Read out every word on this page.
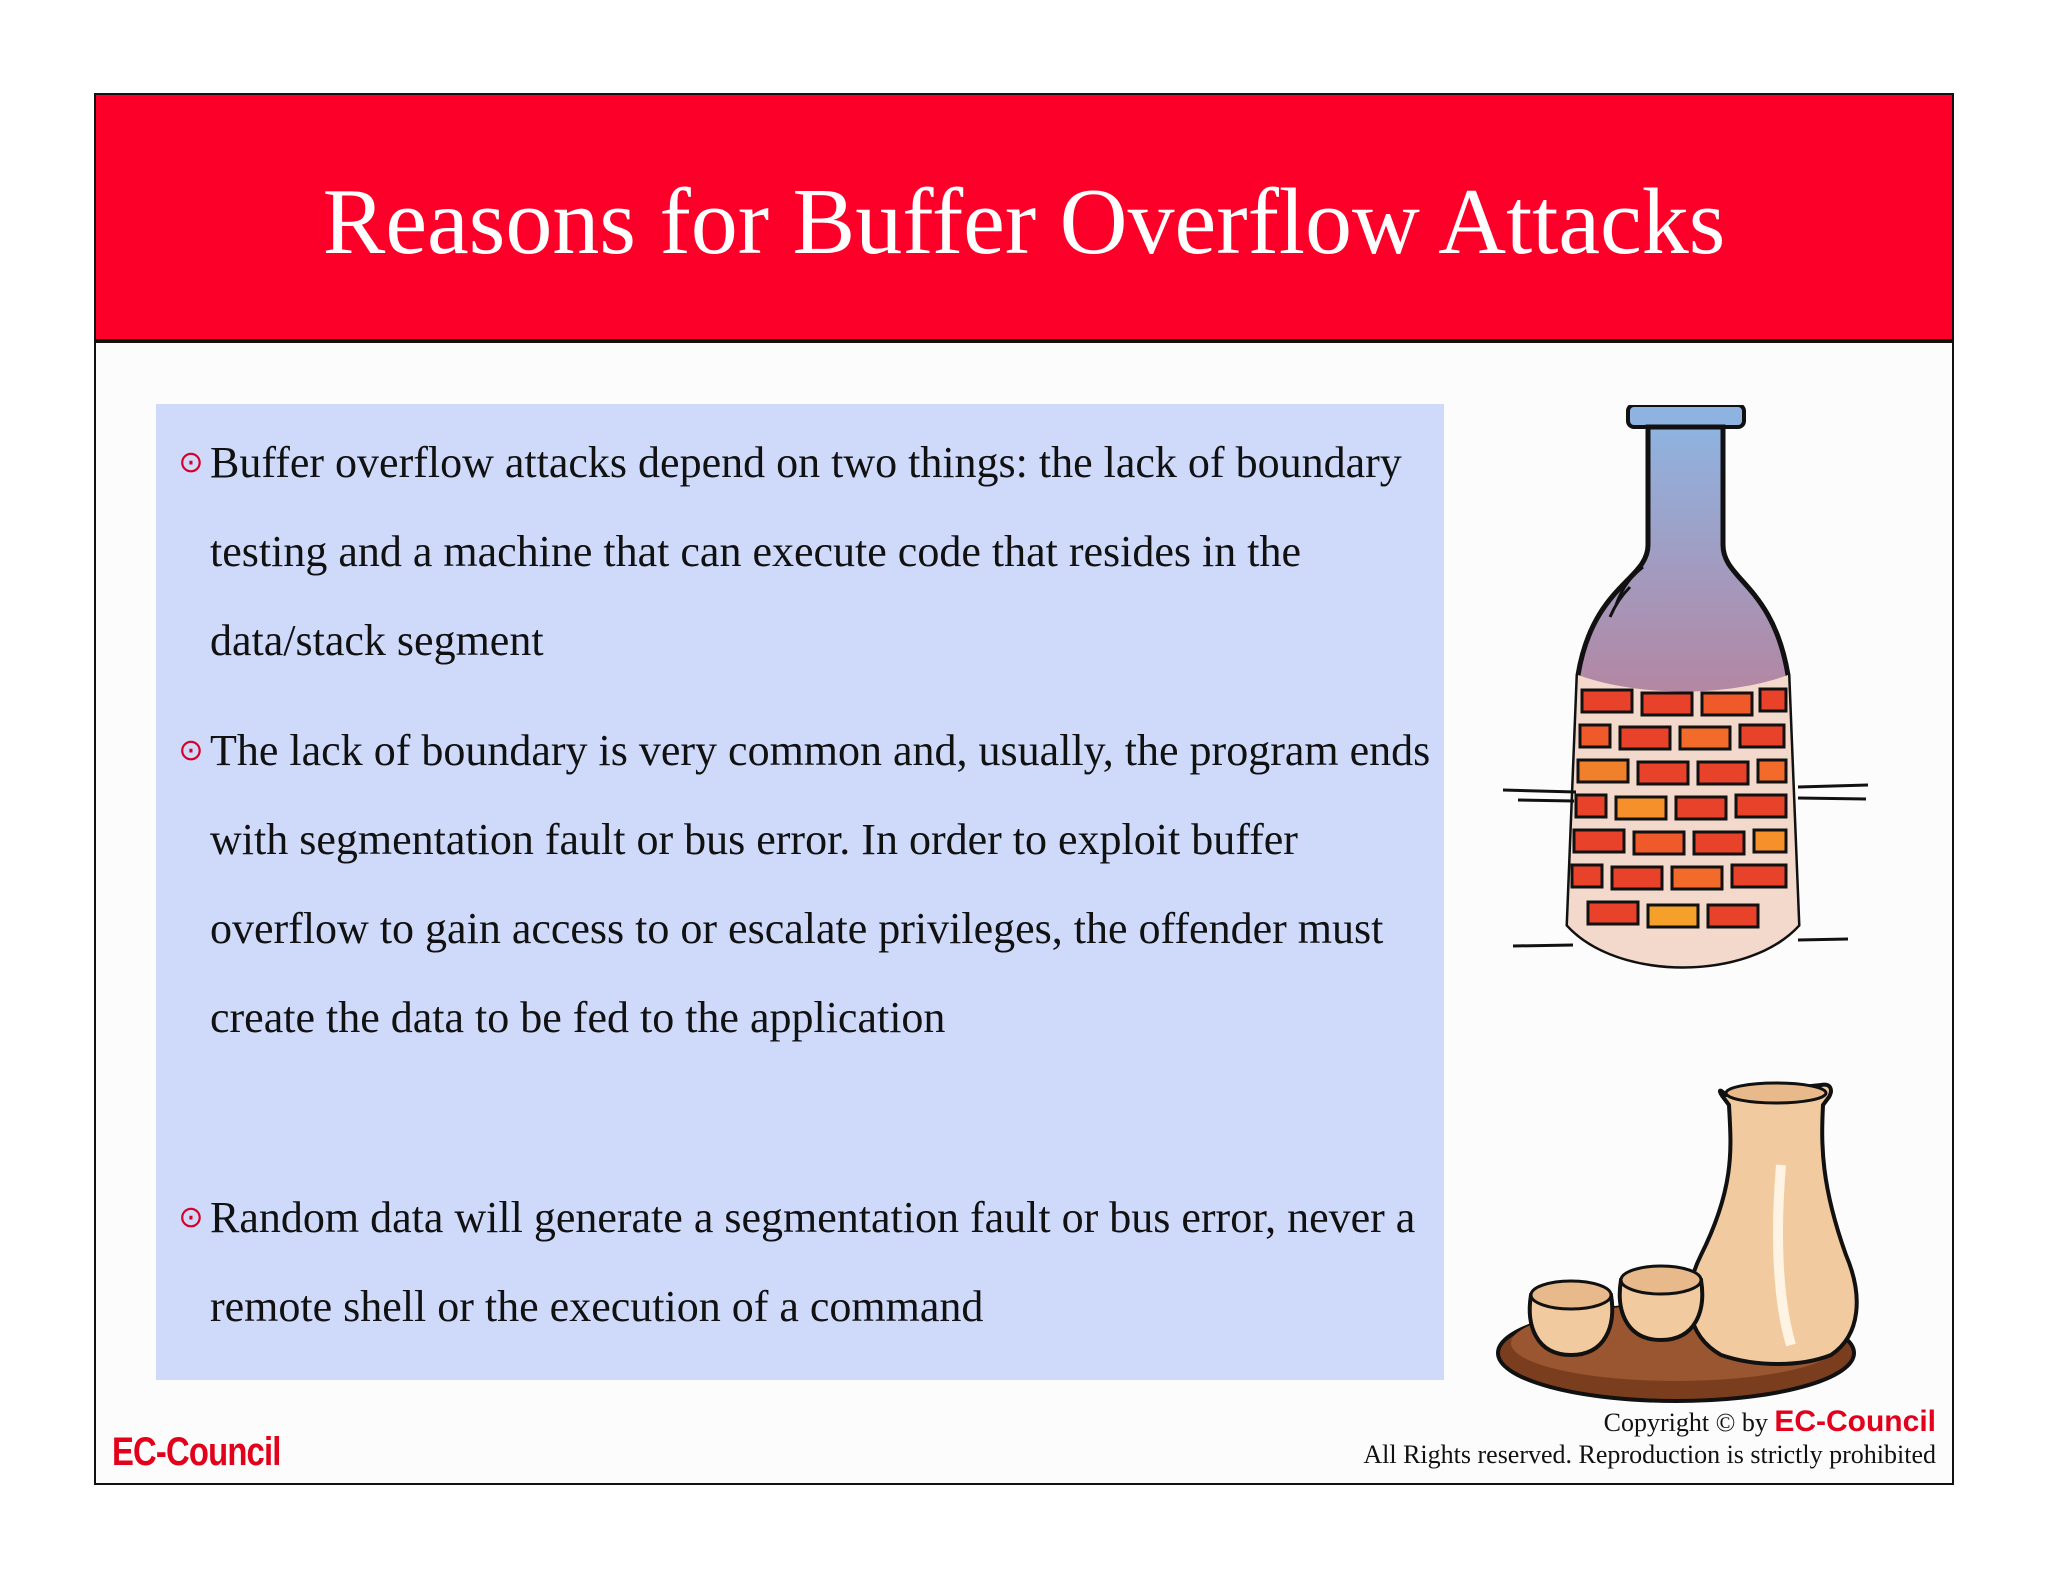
Reasons for Buffer Overflow Attacks
⊙ Buffer overflow attacks depend on two things: the lack of boundary testing and a machine that can execute code that resides in the data/stack segment
⊙ The lack of boundary is very common and, usually, the program ends with segmentation fault or bus error. In order to exploit buffer overflow to gain access to or escalate privileges, the offender must create the data to be fed to the application
⊙ Random data will generate a segmentation fault or bus error, never a remote shell or the execution of a command
EC-Council
Copyright © by EC-Council
All Rights reserved. Reproduction is strictly prohibited
